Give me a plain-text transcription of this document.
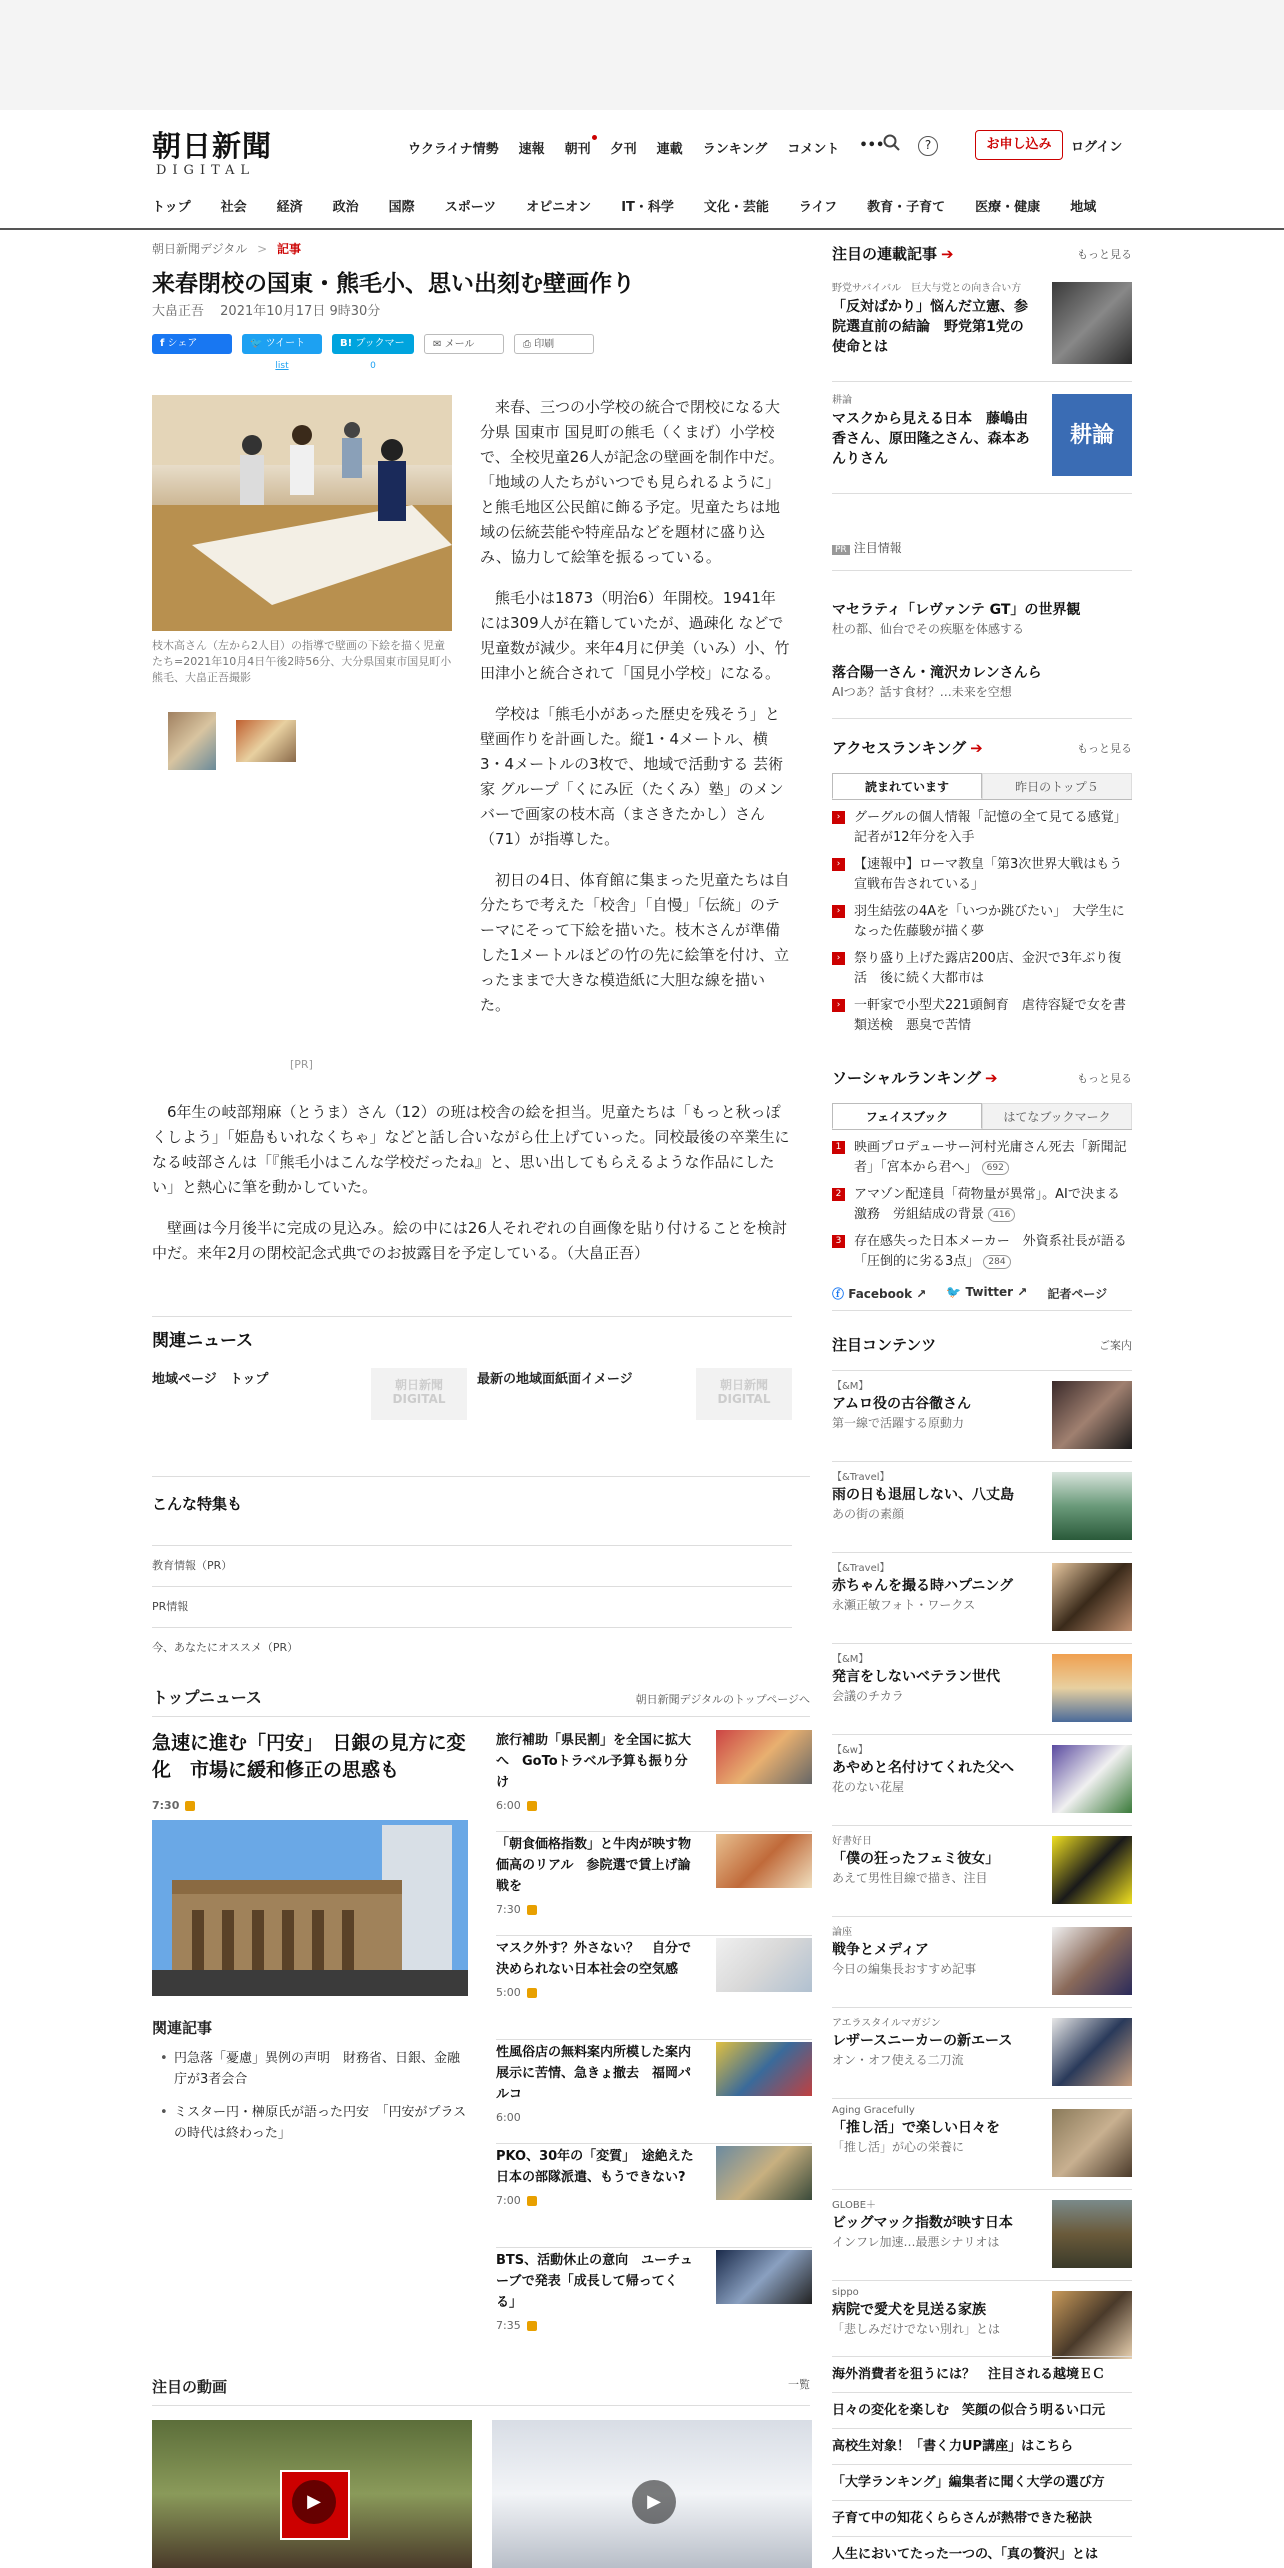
朝日新聞
DIGITAL
ウクライナ情勢 速報 朝刊 夕刊 連載 ランキング コメント •••	?	お申し込み	ログイン
トップ 社会 経済 政治 国際 スポーツ オピニオン IT・科学 文化・芸能 ライフ 教育・子育て 医療・健康 地域
朝日新聞デジタル > 記事
来春閉校の国東・熊毛小、思い出刻む壁画作り
大畠正吾 2021年10月17日 9時30分
f シェア	🐦 ツイート
list
B! ブックマーク	0
✉ メール	⎙ 印刷
枝木高さん（左から2人目）の指導で壁画の下絵を描く児童たち=2021年10月4日午後2時56分、大分県国東市国見町小熊毛、大畠正吾撮影
[PR]

来春、三つの小学校の統合で閉校になる大分県 国東市 国見町の熊毛（くまげ）小学校で、全校児童26人が記念の壁画を制作中だ。「地域の人たちがいつでも見られるように」と熊毛地区公民館に飾る予定。児童たちは地域の伝統芸能や特産品などを題材に盛り込み、協力して絵筆を振るっている。

熊毛小は1873（明治6）年開校。1941年には309人が在籍していたが、過疎化 などで児童数が減少。来年4月に伊美（いみ）小、竹田津小と統合されて「国見小学校」になる。

学校は「熊毛小があった歴史を残そう」と壁画作りを計画した。縦1・4メートル、横3・4メートルの3枚で、地域で活動する 芸術家 グループ「くにみ匠（たくみ）塾」のメンバーで画家の枝木高（まさきたかし）さん（71）が指導した。

初日の4日、体育館に集まった児童たちは自分たちで考えた「校舎」「自慢」「伝統」のテーマにそって下絵を描いた。枝木さんが準備した1メートルほどの竹の先に絵筆を付け、立ったままで大きな模造紙に大胆な線を描いた。

6年生の岐部翔麻（とうま）さん（12）の班は校舎の絵を担当。児童たちは「もっと秋っぽくしよう」「姫島もいれなくちゃ」などと話し合いながら仕上げていった。同校最後の卒業生になる岐部さんは「『熊毛小はこんな学校だったね』と、思い出してもらえるような作品にしたい」と熱心に筆を動かしていた。

壁画は今月後半に完成の見込み。絵の中には26人それぞれの自画像を貼り付けることを検討中だ。来年2月の閉校記念式典でのお披露目を予定している。（大畠正吾）

関連ニュース
地域ページ　トップ	朝日新聞 DIGITAL
最新の地域面紙面イメージ	朝日新聞 DIGITAL
こんな特集も
教育情報（PR）
PR情報
今、あなたにオススメ（PR）
トップニュース	朝日新聞デジタルのトップページへ
急速に進む「円安」　日銀の見方に変化　市場に緩和修正の思惑も
7:30
関連記事
• 円急落「憂慮」異例の声明　財務省、日銀、金融庁が3者会合
• ミスター円・榊原氏が語った円安　「円安がプラスの時代は終わった」
旅行補助「県民割」を全国に拡大へ　GoToトラベル予算も振り分け
6:00
「朝食価格指数」と牛肉が映す物価高のリアル　参院選で賃上げ論戦を
7:30
マスク外す？外さない？　自分で決められない日本社会の空気感
5:00
性風俗店の無料案内所模した案内展示に苦情、急きょ撤去　福岡パルコ
6:00
PKO、30年の「変質」　途絶えた日本の部隊派遣、もうできない?
7:00
BTS、活動休止の意向　ユーチューブで発表「成長して帰ってくる」
7:35
注目の動画	一覧
▶	▶
注目の連載記事 ➔	もっと見る
野党サバイバル　巨大与党との向き合い方
「反対ばかり」悩んだ立憲、参院選直前の結論　野党第1党の使命とは
耕論
マスクから見える日本　藤嶋由香さん、原田隆之さん、森本あんりさん
耕論
PR 注目情報
マセラティ「レヴァンテ GT」の世界観
杜の都、仙台でその疾駆を体感する
落合陽一さん・滝沢カレンさんら
AIつあ？話す食材？…未来を空想
アクセスランキング ➔	もっと見る
読まれています	昨日のトップ５
›	グーグルの個人情報「記憶の全て見てる感覚」　記者が12年分を入手
›	【速報中】ローマ教皇「第3次世界大戦はもう宣戦布告されている」
›	羽生結弦の4Aを「いつか跳びたい」　大学生になった佐藤駿が描く夢
›	祭り盛り上げた露店200店、金沢で3年ぶり復活　後に続く大都市は
›	一軒家で小型犬221頭飼育　虐待容疑で女を書類送検　悪臭で苦情
ソーシャルランキング ➔	もっと見る
フェイスブック	はてなブックマーク
1 映画プロデューサー河村光庸さん死去「新聞記者」「宮本から君へ」 692
2 アマゾン配達員「荷物量が異常」。AIで決まる激務　労組結成の背景 416
3 存在感失った日本メーカー　外資系社長が語る「圧倒的に劣る3点」 284
ⓕ Facebook ↗ 🐦 Twitter ↗ 記者ページ
注目コンテンツ	ご案内
【&M】
アムロ役の古谷徹さん
第一線で活躍する原動力
【&Travel】
雨の日も退屈しない、八丈島
あの街の素顔
【&Travel】
赤ちゃんを撮る時ハプニング
永瀬正敏フォト・ワークス
【&M】
発言をしないベテラン世代
会議のチカラ
【&w】
あやめと名付けてくれた父へ
花のない花屋
好書好日
「僕の狂ったフェミ彼女」
あえて男性目線で描き、注目
論座
戦争とメディア
今日の編集長おすすめ記事
アエラスタイルマガジン
レザースニーカーの新エース
オン・オフ使える二刀流
Aging Gracefully
「推し活」で楽しい日々を
「推し活」が心の栄養に
GLOBE＋
ビッグマック指数が映す日本
インフレ加速…最悪シナリオは
sippo
病院で愛犬を見送る家族
「悲しみだけでない別れ」とは
海外消費者を狙うには？　注目される越境ＥＣ
日々の変化を楽しむ　笑顔の似合う明るい口元
高校生対象！「書く力UP講座」はこちら
「大学ランキング」編集者に聞く大学の選び方
子育て中の知花くららさんが熱帯できた秘訣
人生においてたった一つの、「真の贅沢」とは
